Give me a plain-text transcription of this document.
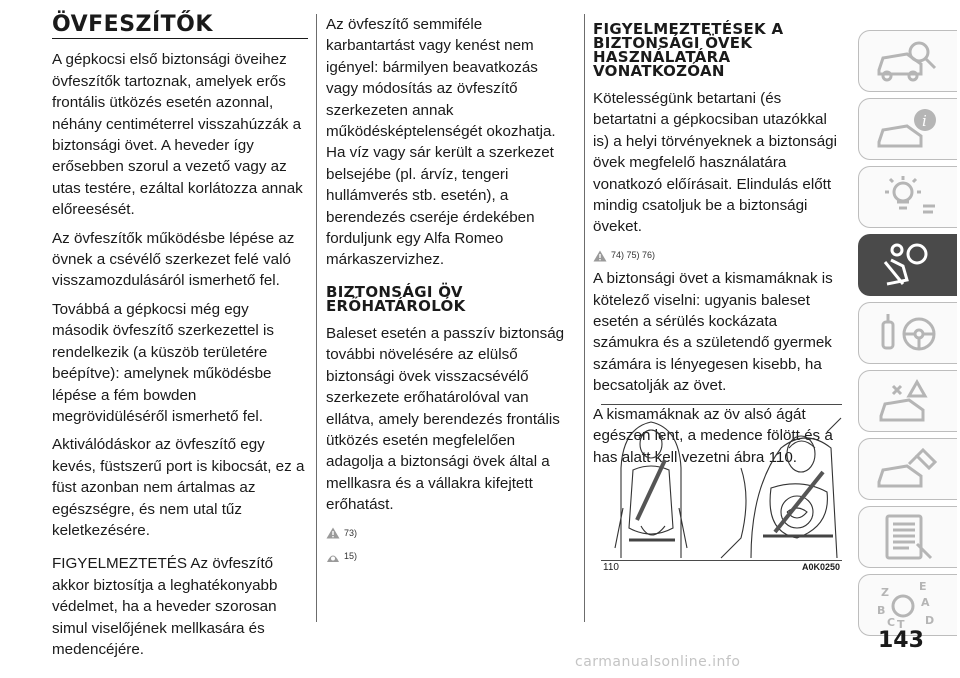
ÖVFESZÍTŐK

A gépkocsi első biztonsági öveihez övfeszítők tartoznak, amelyek erős frontális ütközés esetén azonnal, néhány centiméterrel visszahúzzák a biztonsági övet. A heveder így erősebben szorul a vezető vagy az utas testére, ezáltal korlátozza annak előreesését.

Az övfeszítők működésbe lépése az övnek a csévélő szerkezet felé való visszamozdulásáról ismerhető fel.

Továbbá a gépkocsi még egy második övfeszítő szerkezettel is rendelkezik (a küszöb területére beépítve): amelynek működésbe lépése a fém bowden megrövidüléséről ismerhető fel.

Aktiválódáskor az övfeszítő egy kevés, füstszerű port is kibocsát, ez a füst azonban nem ártalmas az egészségre, és nem utal tűz keletkezésére.

FIGYELMEZTETÉS Az övfeszítő akkor biztosítja a leghatékonyabb védelmet, ha a heveder szorosan simul viselőjének mellkasára és medencéjére.

Az övfeszítő semmiféle karbantartást vagy kenést nem igényel: bármilyen beavatkozás vagy módosítás az övfeszítő szerkezeten annak működésképtelenségét okozhatja. Ha víz vagy sár került a szerkezet belsejébe (pl. árvíz, tengeri hullámverés stb. esetén), a berendezés cseréje érdekében forduljunk egy Alfa Romeo márkaszervizhez.

BIZTONSÁGI ÖV ERŐHATÁROLÓK

Baleset esetén a passzív biztonság további növelésére az elülső biztonsági övek visszacsévélő szerkezete erőhatárolóval van ellátva, amely berendezés frontális ütközés esetén megfelelően adagolja a biztonsági övek által a mellkasra és a vállakra kifejtett erőhatást.

73)
15)
FIGYELMEZTETÉSEK A BIZTONSÁGI ÖVEK HASZNÁLATÁRA VONATKOZÓAN

Kötelességünk betartani (és betartatni a gépkocsiban utazókkal is) a helyi törvényeknek a biztonsági övek megfelelő használatára vonatkozó előírásait. Elindulás előtt mindig csatoljuk be a biztonsági öveket.

74) 75) 76)

A biztonsági övet a kismamáknak is kötelező viselni: ugyanis baleset esetén a sérülés kockázata számukra és a születendő gyermek számára is lényegesen kisebb, ha becsatolják az övet.

A kismamáknak az öv alsó ágát egészen lent, a medence fölött és a has alatt kell vezetni ábra 110.

110	A0K0250
i
Z	E
A
B
C T D
143
carmanualsonline.info
